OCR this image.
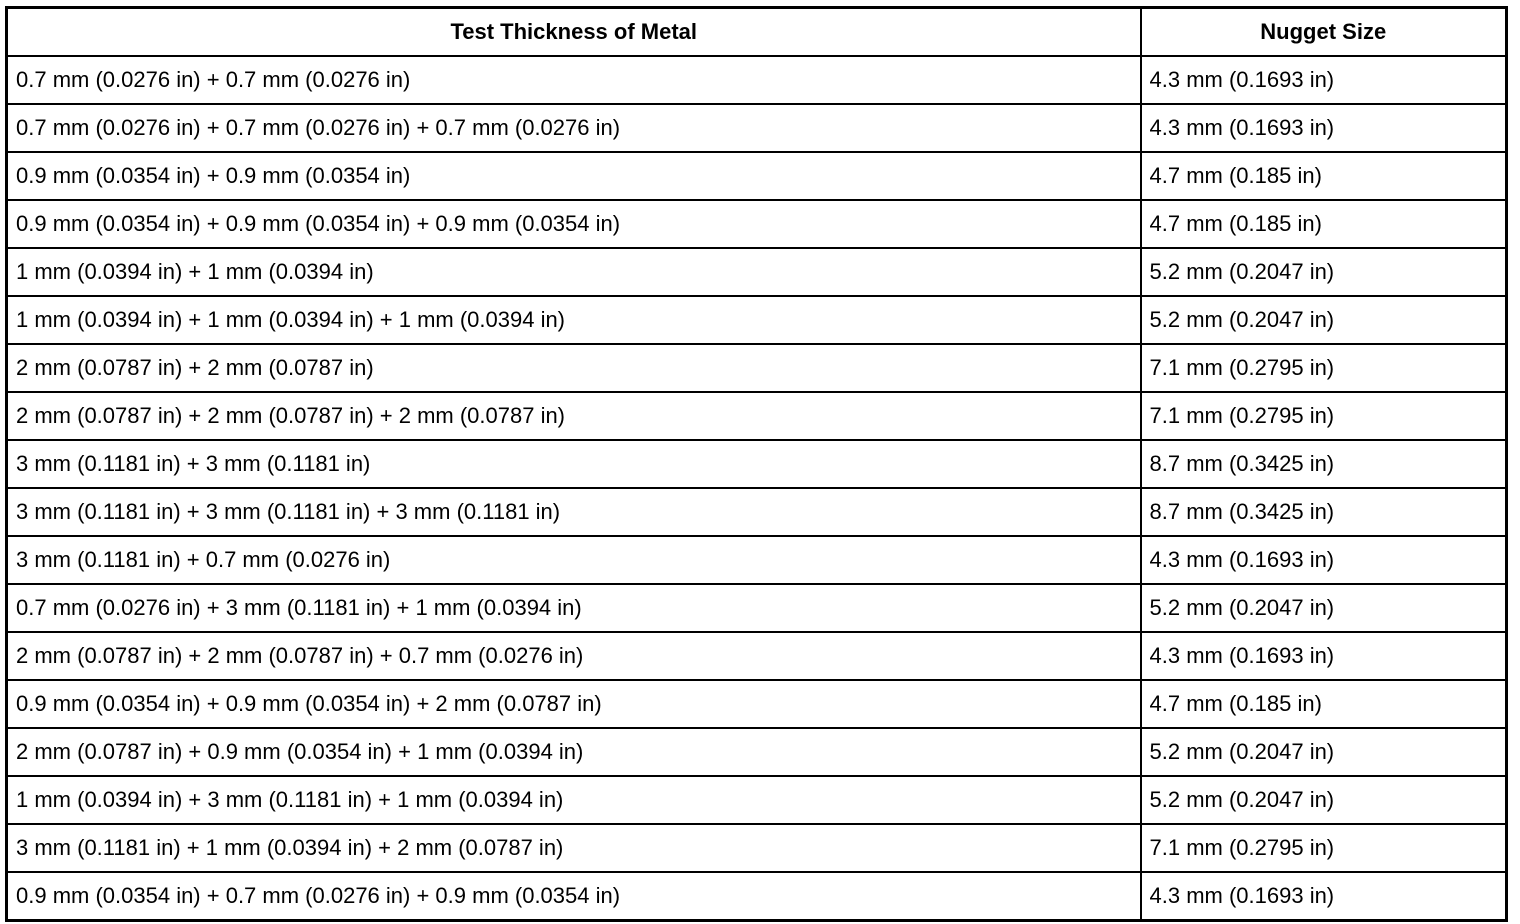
Test Thickness of Metal	Nugget Size
0.7 mm (0.0276 in) + 0.7 mm (0.0276 in)	4.3 mm (0.1693 in)
0.7 mm (0.0276 in) + 0.7 mm (0.0276 in) + 0.7 mm (0.0276 in)	4.3 mm (0.1693 in)
0.9 mm (0.0354 in) + 0.9 mm (0.0354 in)	4.7 mm (0.185 in)
0.9 mm (0.0354 in) + 0.9 mm (0.0354 in) + 0.9 mm (0.0354 in)	4.7 mm (0.185 in)
1 mm (0.0394 in) + 1 mm (0.0394 in)	5.2 mm (0.2047 in)
1 mm (0.0394 in) + 1 mm (0.0394 in) + 1 mm (0.0394 in)	5.2 mm (0.2047 in)
2 mm (0.0787 in) + 2 mm (0.0787 in)	7.1 mm (0.2795 in)
2 mm (0.0787 in) + 2 mm (0.0787 in) + 2 mm (0.0787 in)	7.1 mm (0.2795 in)
3 mm (0.1181 in) + 3 mm (0.1181 in)	8.7 mm (0.3425 in)
3 mm (0.1181 in) + 3 mm (0.1181 in) + 3 mm (0.1181 in)	8.7 mm (0.3425 in)
3 mm (0.1181 in) + 0.7 mm (0.0276 in)	4.3 mm (0.1693 in)
0.7 mm (0.0276 in) + 3 mm (0.1181 in) + 1 mm (0.0394 in)	5.2 mm (0.2047 in)
2 mm (0.0787 in) + 2 mm (0.0787 in) + 0.7 mm (0.0276 in)	4.3 mm (0.1693 in)
0.9 mm (0.0354 in) + 0.9 mm (0.0354 in) + 2 mm (0.0787 in)	4.7 mm (0.185 in)
2 mm (0.0787 in) + 0.9 mm (0.0354 in) + 1 mm (0.0394 in)	5.2 mm (0.2047 in)
1 mm (0.0394 in) + 3 mm (0.1181 in) + 1 mm (0.0394 in)	5.2 mm (0.2047 in)
3 mm (0.1181 in) + 1 mm (0.0394 in) + 2 mm (0.0787 in)	7.1 mm (0.2795 in)
0.9 mm (0.0354 in) + 0.7 mm (0.0276 in) + 0.9 mm (0.0354 in)	4.3 mm (0.1693 in)
